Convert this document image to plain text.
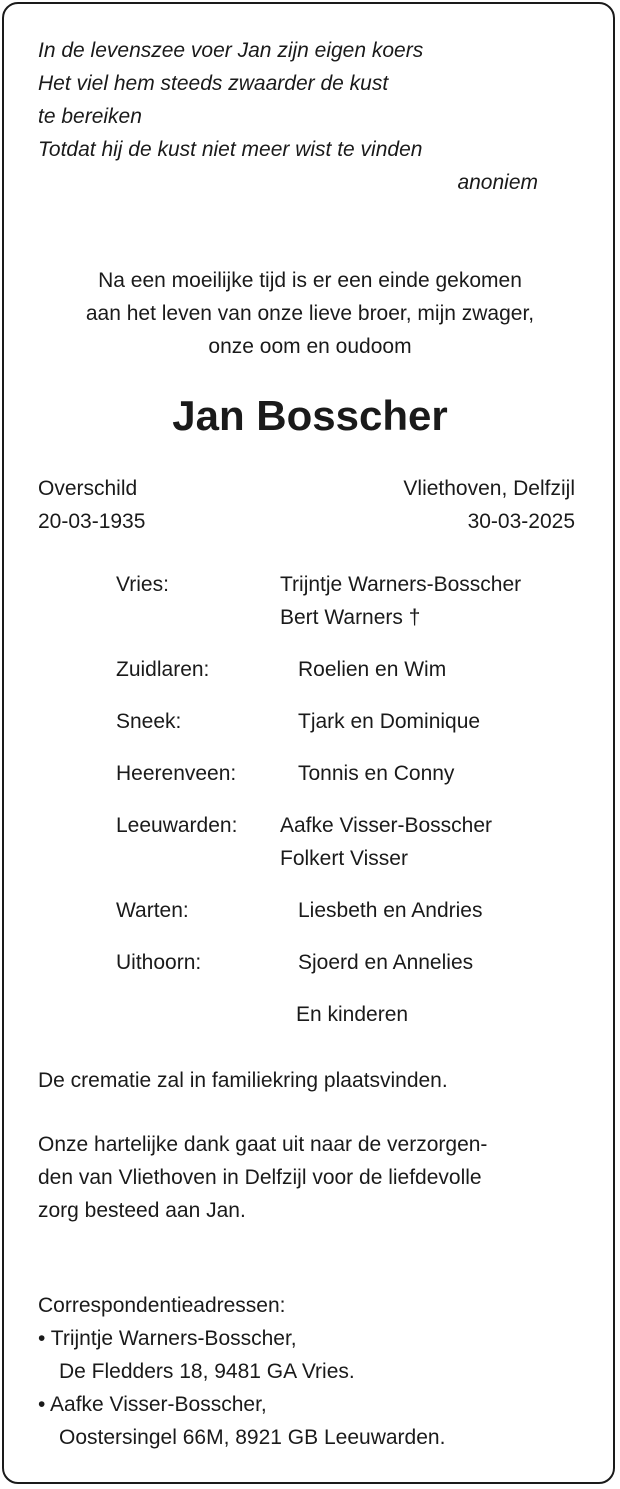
In de levenszee voer Jan zijn eigen koers
Het viel hem steeds zwaarder de kust
te bereiken
Totdat hij de kust niet meer wist te vinden
anoniem
Na een moeilijke tijd is er een einde gekomen
aan het leven van onze lieve broer, mijn zwager,
onze oom en oudoom
Jan Bosscher
Overschild	Vliethoven, Delfzijl
20-03-1935	30-03-2025
Vries:	Trijntje Warners-Bosscher
Bert Warners †
Zuidlaren:	Roelien en Wim
Sneek:	Tjark en Dominique
Heerenveen:	Tonnis en Conny
Leeuwarden: Aafke Visser-Bosscher
Folkert Visser
Warten:	Liesbeth en Andries
Uithoorn:	Sjoerd en Annelies
En kinderen
De crematie zal in familiekring plaatsvinden.
Onze hartelijke dank gaat uit naar de verzorgen-
den van Vliethoven in Delfzijl voor de liefdevolle
zorg besteed aan Jan.
Correspondentieadressen:
• Trijntje Warners-Bosscher,
De Fledders 18, 9481 GA Vries.
• Aafke Visser-Bosscher,
Oostersingel 66M, 8921 GB Leeuwarden.
